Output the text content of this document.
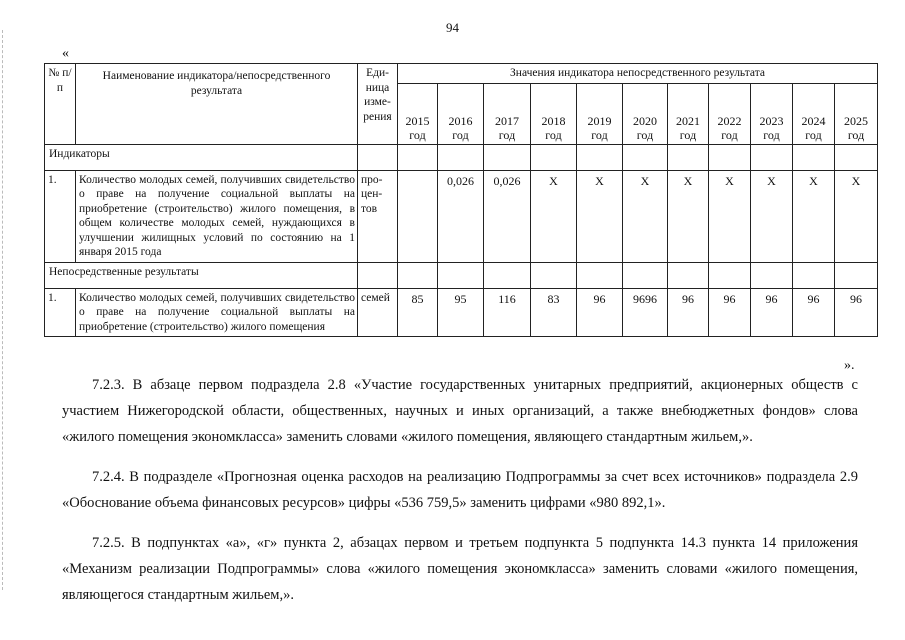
94
«
№ п/п	Наименование индикатора/непосредственного результата	Еди-ница изме-рения	Значения индикатора непосредственного результата										
			2015 год	2016 год	2017 год	2018 год	2019 год	2020 год	2021 год	2022 год	2023 год	2024 год	2025 год
Индикаторы													
1.	Количество молодых семей, получивших свидетельство о праве на получение социальной выплаты на приобретение (строительство) жилого помещения, в общем количестве молодых семей, нуждающихся в улучшении жилищных условий по состоянию на 1 января 2015 года	про-цен-тов		0,026	0,026	Х	Х	Х	Х	Х	Х	Х	Х
Непосредственные результаты													
1.	Количество молодых семей, получивших свидетельство о праве на получение социальной выплаты на приобретение (строительство) жилого помещения	семей	85	95	116	83	96	9696	96	96	96	96	96
».

7.2.3. В абзаце первом подраздела 2.8 «Участие государственных унитарных предприятий, акционерных обществ с участием Нижегородской области, общественных, научных и иных организаций, а также внебюджетных фондов» слова «жилого помещения экономкласса» заменить словами «жилого помещения, являющего стандартным жильем,».

7.2.4. В подразделе «Прогнозная оценка расходов на реализацию Подпрограммы за счет всех источников» подраздела 2.9 «Обоснование объема финансовых ресурсов» цифры «536 759,5» заменить цифрами «980 892,1».

7.2.5. В подпунктах «а», «г» пункта 2, абзацах первом и третьем подпункта 5 подпункта 14.3 пункта 14 приложения «Механизм реализации Подпрограммы» слова «жилого помещения экономкласса» заменить словами «жилого помещения, являющегося стандартным жильем,».
